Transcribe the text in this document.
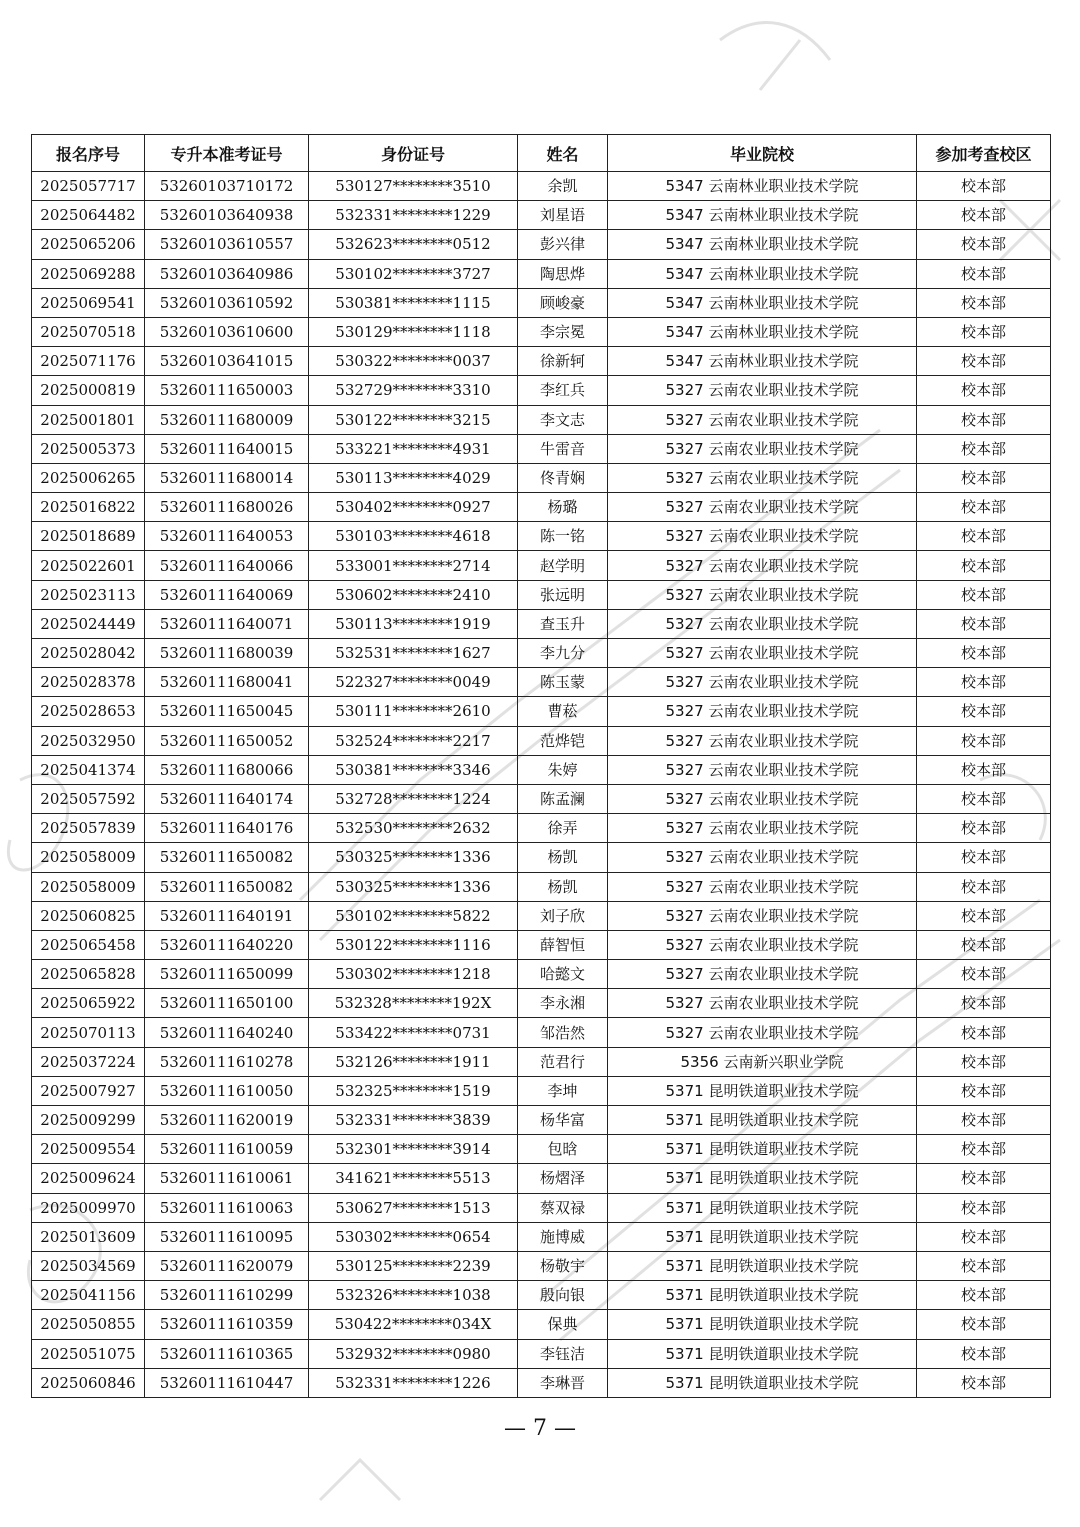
报名序号	专升本准考证号	身份证号	姓名	毕业院校	参加考查校区
2025057717	53260103710172	530127********3510	余凯	5347 云南林业职业技术学院	校本部
2025064482	53260103640938	532331********1229	刘星语	5347 云南林业职业技术学院	校本部
2025065206	53260103610557	532623********0512	彭兴律	5347 云南林业职业技术学院	校本部
2025069288	53260103640986	530102********3727	陶思烨	5347 云南林业职业技术学院	校本部
2025069541	53260103610592	530381********1115	顾峻豪	5347 云南林业职业技术学院	校本部
2025070518	53260103610600	530129********1118	李宗冕	5347 云南林业职业技术学院	校本部
2025071176	53260103641015	530322********0037	徐新轲	5347 云南林业职业技术学院	校本部
2025000819	53260111650003	532729********3310	李红兵	5327 云南农业职业技术学院	校本部
2025001801	53260111680009	530122********3215	李文志	5327 云南农业职业技术学院	校本部
2025005373	53260111640015	533221********4931	牛雷音	5327 云南农业职业技术学院	校本部
2025006265	53260111680014	530113********4029	佟青娴	5327 云南农业职业技术学院	校本部
2025016822	53260111680026	530402********0927	杨璐	5327 云南农业职业技术学院	校本部
2025018689	53260111640053	530103********4618	陈一铭	5327 云南农业职业技术学院	校本部
2025022601	53260111640066	533001********2714	赵学明	5327 云南农业职业技术学院	校本部
2025023113	53260111640069	530602********2410	张远明	5327 云南农业职业技术学院	校本部
2025024449	53260111640071	530113********1919	查玉升	5327 云南农业职业技术学院	校本部
2025028042	53260111680039	532531********1627	李九分	5327 云南农业职业技术学院	校本部
2025028378	53260111680041	522327********0049	陈玉蒙	5327 云南农业职业技术学院	校本部
2025028653	53260111650045	530111********2610	曹菘	5327 云南农业职业技术学院	校本部
2025032950	53260111650052	532524********2217	范烨铠	5327 云南农业职业技术学院	校本部
2025041374	53260111680066	530381********3346	朱婷	5327 云南农业职业技术学院	校本部
2025057592	53260111640174	532728********1224	陈孟澜	5327 云南农业职业技术学院	校本部
2025057839	53260111640176	532530********2632	徐弄	5327 云南农业职业技术学院	校本部
2025058009	53260111650082	530325********1336	杨凯	5327 云南农业职业技术学院	校本部
2025058009	53260111650082	530325********1336	杨凯	5327 云南农业职业技术学院	校本部
2025060825	53260111640191	530102********5822	刘子欣	5327 云南农业职业技术学院	校本部
2025065458	53260111640220	530122********1116	薛智恒	5327 云南农业职业技术学院	校本部
2025065828	53260111650099	530302********1218	哈懿文	5327 云南农业职业技术学院	校本部
2025065922	53260111650100	532328********192X	李永湘	5327 云南农业职业技术学院	校本部
2025070113	53260111640240	533422********0731	邹浩然	5327 云南农业职业技术学院	校本部
2025037224	53260111610278	532126********1911	范君行	5356 云南新兴职业学院	校本部
2025007927	53260111610050	532325********1519	李坤	5371 昆明铁道职业技术学院	校本部
2025009299	53260111620019	532331********3839	杨华富	5371 昆明铁道职业技术学院	校本部
2025009554	53260111610059	532301********3914	包晗	5371 昆明铁道职业技术学院	校本部
2025009624	53260111610061	341621********5513	杨熠泽	5371 昆明铁道职业技术学院	校本部
2025009970	53260111610063	530627********1513	蔡双禄	5371 昆明铁道职业技术学院	校本部
2025013609	53260111610095	530302********0654	施博威	5371 昆明铁道职业技术学院	校本部
2025034569	53260111620079	530125********2239	杨敬宇	5371 昆明铁道职业技术学院	校本部
2025041156	53260111610299	532326********1038	殷向银	5371 昆明铁道职业技术学院	校本部
2025050855	53260111610359	530422********034X	保典	5371 昆明铁道职业技术学院	校本部
2025051075	53260111610365	532932********0980	李钰洁	5371 昆明铁道职业技术学院	校本部
2025060846	53260111610447	532331********1226	李琳晋	5371 昆明铁道职业技术学院	校本部
— 7 —
